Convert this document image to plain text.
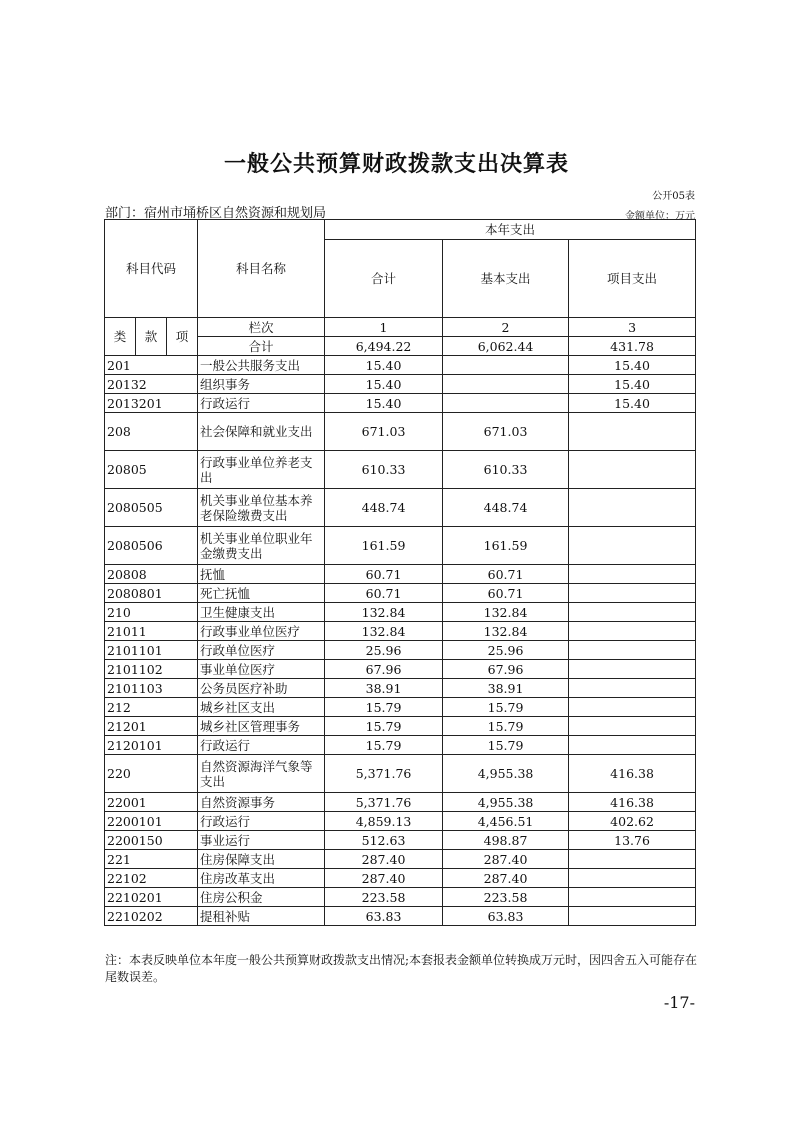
一般公共预算财政拨款支出决算表
公开05表
部门：宿州市埇桥区自然资源和规划局	金额单位：万元
科目代码			科目名称	本年支出		
				合计	基本支出	项目支出
类	款	项	栏次	1	2	3
			合计	6,494.22	6,062.44	431.78
201			一般公共服务支出	15.40		15.40
20132			组织事务	15.40		15.40
2013201			行政运行	15.40		15.40
208			社会保障和就业支出	671.03	671.03	
20805			行政事业单位养老支出	610.33	610.33	
2080505			机关事业单位基本养老保险缴费支出	448.74	448.74	
2080506			机关事业单位职业年金缴费支出	161.59	161.59	
20808			抚恤	60.71	60.71	
2080801			死亡抚恤	60.71	60.71	
210			卫生健康支出	132.84	132.84	
21011			行政事业单位医疗	132.84	132.84	
2101101			行政单位医疗	25.96	25.96	
2101102			事业单位医疗	67.96	67.96	
2101103			公务员医疗补助	38.91	38.91	
212			城乡社区支出	15.79	15.79	
21201			城乡社区管理事务	15.79	15.79	
2120101			行政运行	15.79	15.79	
220			自然资源海洋气象等支出	5,371.76	4,955.38	416.38
22001			自然资源事务	5,371.76	4,955.38	416.38
2200101			行政运行	4,859.13	4,456.51	402.62
2200150			事业运行	512.63	498.87	13.76
221			住房保障支出	287.40	287.40	
22102			住房改革支出	287.40	287.40	
2210201			住房公积金	223.58	223.58	
2210202			提租补贴	63.83	63.83	
注：本表反映单位本年度一般公共预算财政拨款支出情况;本套报表金额单位转换成万元时，因四舍五入可能存在尾数误差。
-17-
